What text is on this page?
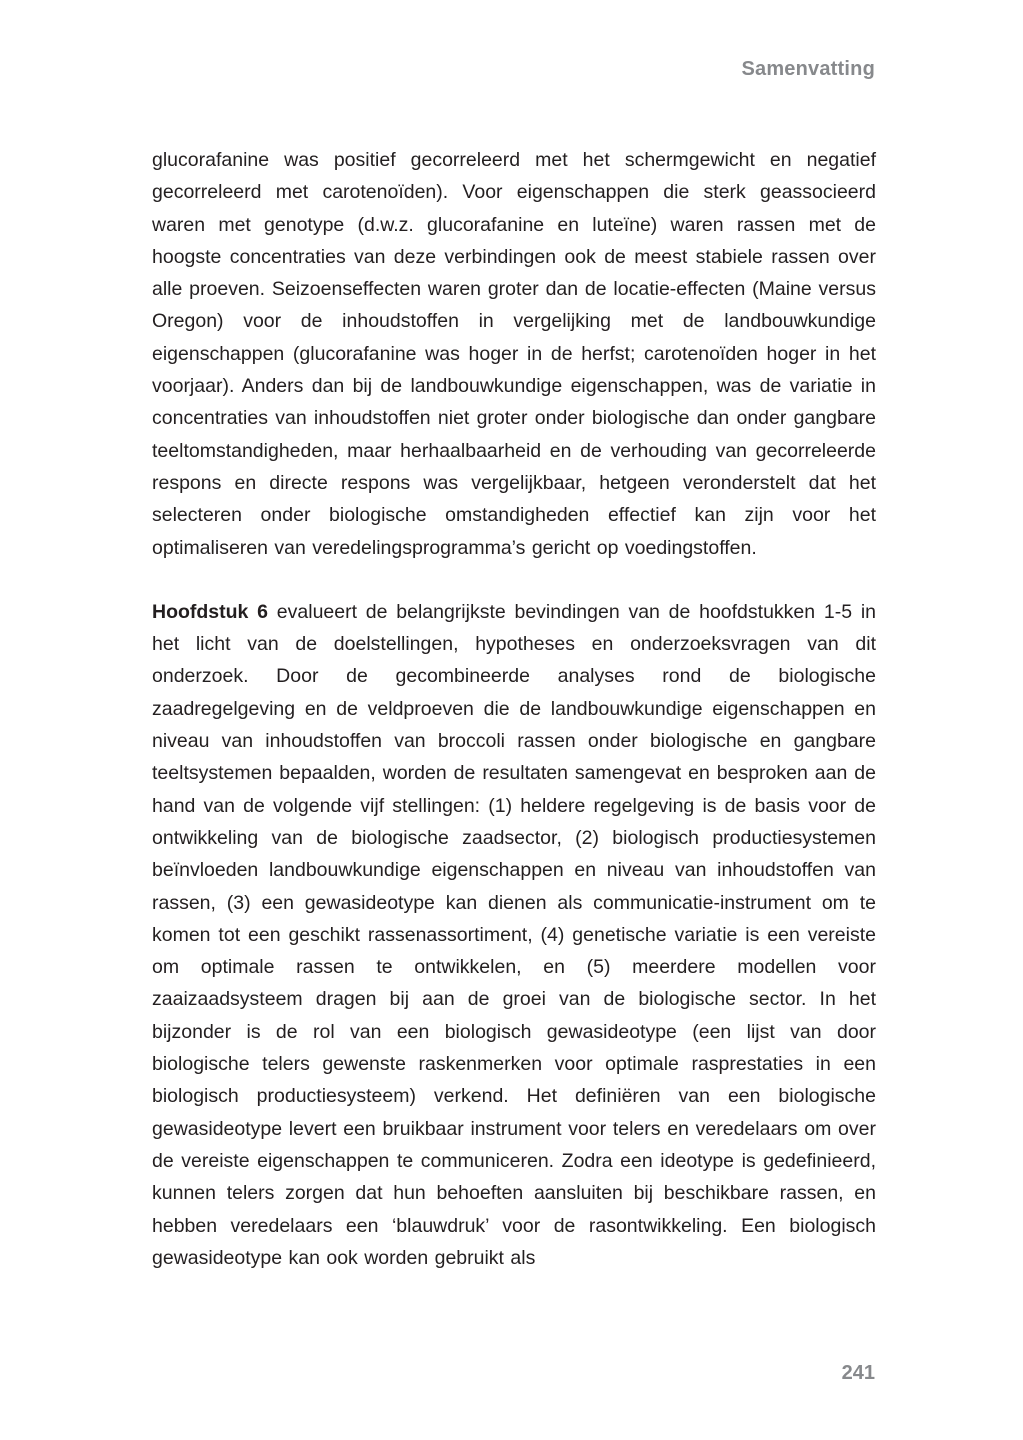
Samenvatting

glucorafanine was positief gecorreleerd met het schermgewicht en negatief gecorreleerd met carotenoïden). Voor eigenschappen die sterk geassocieerd waren met genotype (d.w.z. glucorafanine en luteïne) waren rassen met de hoogste concentraties van deze verbindingen ook de meest stabiele rassen over alle proeven. Seizoenseffecten waren groter dan de locatie-effecten (Maine versus Oregon) voor de inhoudstoffen in vergelijking met de landbouwkundige eigenschappen (glucorafanine was hoger in de herfst; carotenoïden hoger in het voorjaar). Anders dan bij de landbouwkundige eigenschappen, was de variatie in concentraties van inhoudstoffen niet groter onder biologische dan onder gangbare teeltomstandigheden, maar herhaalbaarheid en de verhouding van gecorreleerde respons en directe respons was vergelijkbaar, hetgeen veronderstelt dat het selecteren onder biologische omstandigheden effectief kan zijn voor het optimaliseren van veredelingsprogramma’s gericht op voedingstoffen.

Hoofdstuk 6 evalueert de belangrijkste bevindingen van de hoofdstukken 1-5 in het licht van de doelstellingen, hypotheses en onderzoeksvragen van dit onderzoek. Door de gecombineerde analyses rond de biologische zaadregelgeving en de veldproeven die de landbouwkundige eigenschappen en niveau van inhoudstoffen van broccoli rassen onder biologische en gangbare teeltsystemen bepaalden, worden de resultaten samengevat en besproken aan de hand van de volgende vijf stellingen: (1) heldere regelgeving is de basis voor de ontwikkeling van de biologische zaadsector, (2) biologisch productiesystemen beïnvloeden landbouwkundige eigenschappen en niveau van inhoudstoffen van rassen, (3) een gewasideotype kan dienen als communicatie-instrument om te komen tot een geschikt rassenassortiment, (4) genetische variatie is een vereiste om optimale rassen te ontwikkelen, en (5) meerdere modellen voor zaaizaadsysteem dragen bij aan de groei van de biologische sector. In het bijzonder is de rol van een biologisch gewasideotype (een lijst van door biologische telers gewenste raskenmerken voor optimale rasprestaties in een biologisch productiesysteem) verkend. Het definiëren van een biologische gewasideotype levert een bruikbaar instrument voor telers en veredelaars om over de vereiste eigenschappen te communiceren. Zodra een ideotype is gedefinieerd, kunnen telers zorgen dat hun behoeften aansluiten bij beschikbare rassen, en hebben veredelaars een ‘blauwdruk’ voor de rasontwikkeling. Een biologisch gewasideotype kan ook worden gebruikt als

241
